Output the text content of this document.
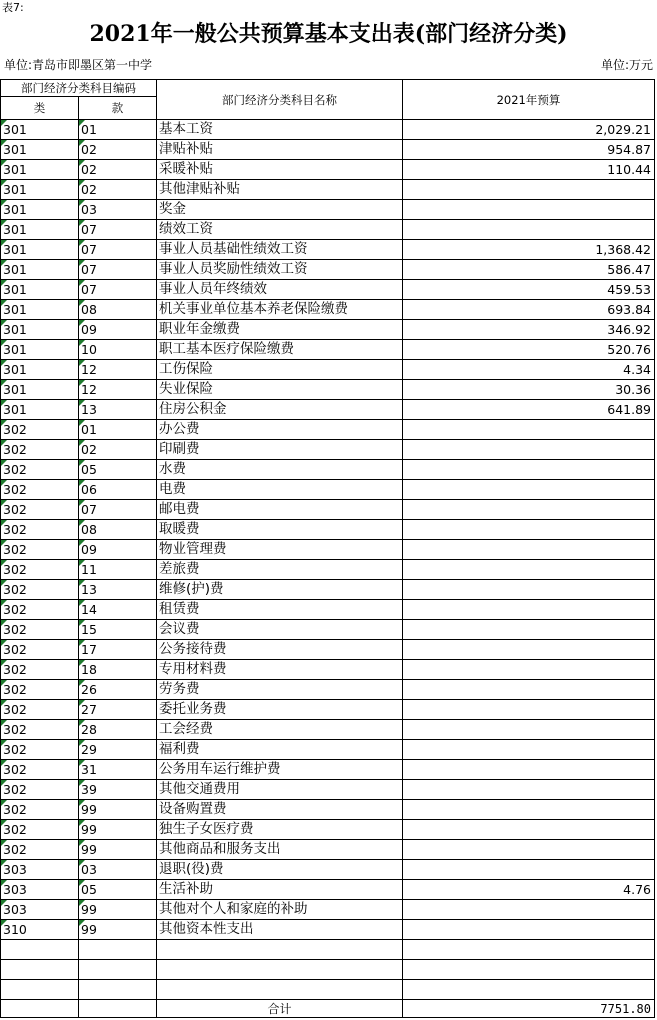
表7:
2021年一般公共预算基本支出表(部门经济分类)
单位:青岛市即墨区第一中学	单位:万元
部门经济分类科目编码		部门经济分类科目名称	2021年预算
类	款		
301	01	基本工资	2,029.21
301	02	津贴补贴	954.87
301	02	采暖补贴	110.44
301	02	其他津贴补贴	
301	03	奖金	
301	07	绩效工资	
301	07	事业人员基础性绩效工资	1,368.42
301	07	事业人员奖励性绩效工资	586.47
301	07	事业人员年终绩效	459.53
301	08	机关事业单位基本养老保险缴费	693.84
301	09	职业年金缴费	346.92
301	10	职工基本医疗保险缴费	520.76
301	12	工伤保险	4.34
301	12	失业保险	30.36
301	13	住房公积金	641.89
302	01	办公费	
302	02	印刷费	
302	05	水费	
302	06	电费	
302	07	邮电费	
302	08	取暖费	
302	09	物业管理费	
302	11	差旅费	
302	13	维修(护)费	
302	14	租赁费	
302	15	会议费	
302	17	公务接待费	
302	18	专用材料费	
302	26	劳务费	
302	27	委托业务费	
302	28	工会经费	
302	29	福利费	
302	31	公务用车运行维护费	
302	39	其他交通费用	
302	99	设备购置费	
302	99	独生子女医疗费	
302	99	其他商品和服务支出	
303	03	退职(役)费	
303	05	生活补助	4.76
303	99	其他对个人和家庭的补助	
310	99	其他资本性支出	

		合计	7751.80
